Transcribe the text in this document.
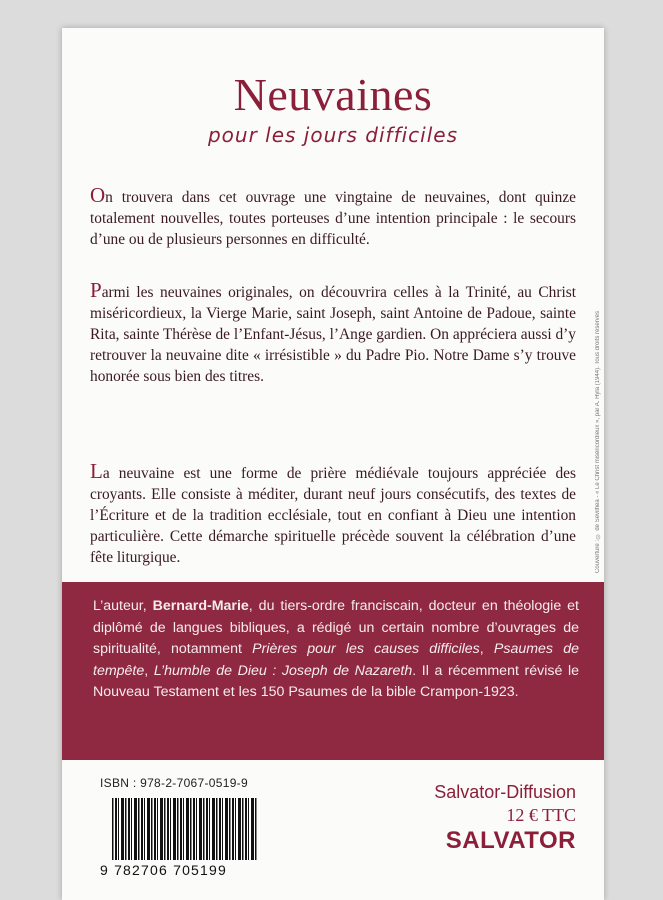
Neuvaines
pour les jours difficiles
On trouvera dans cet ouvrage une vingtaine de neuvaines, dont quinze totalement nouvelles, toutes porteuses d’une intention principale : le secours d’une ou de plusieurs personnes en difficulté.
Parmi les neuvaines originales, on découvrira celles à la Trinité, au Christ miséricordieux, la Vierge Marie, saint Joseph, saint Antoine de Padoue, sainte Rita, sainte Thérèse de l’Enfant-Jésus, l’Ange gardien. On appréciera aussi d’y retrouver la neuvaine dite « irrésistible » du Padre Pio. Notre Dame s’y trouve honorée sous bien des titres.
La neuvaine est une forme de prière médiévale toujours appréciée des croyants. Elle consiste à méditer, durant neuf jours consécutifs, des textes de l’Écriture et de la tradition ecclésiale, tout en confiant à Dieu une intention particulière. Cette démarche spirituelle précède souvent la célébration d’une fête liturgique.	Couverture : © de Sevilhea - « Le Christ miséricordieux », par A. Hyla (1944). Tous droits réservés
L’auteur, Bernard-Marie, du tiers-ordre franciscain, docteur en théologie et diplômé de langues bibliques, a rédigé un certain nombre d’ouvrages de spiritualité, notamment Prières pour les causes difficiles, Psaumes de tempête, L’humble de Dieu : Joseph de Nazareth. Il a récemment révisé le Nouveau Testament et les 150 Psaumes de la bible Crampon-1923.
ISBN : 978-2-7067-0519-9
9 782706 705199
Salvator-Diffusion
12 € TTC
SALVATOR
